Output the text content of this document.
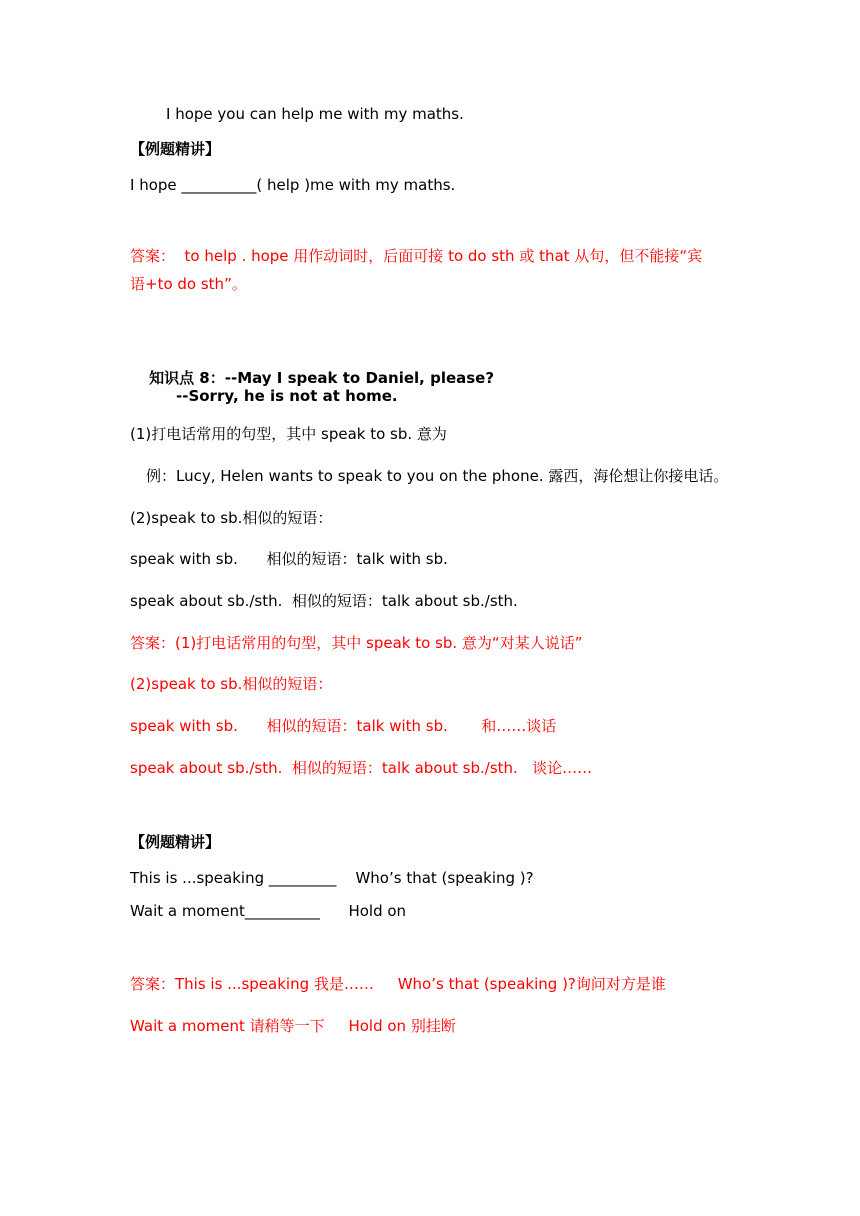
I hope you can help me with my maths.
【例题精讲】
I hope __________( help )me with my maths.
答案：  to help . hope 用作动词时，后面可接 to do sth 或 that 从句，但不能接“宾
语+to do sth”。

知识点 8：--May I speak to Daniel, please?

--Sorry, he is not at home.
(1)打电话常用的句型，其中 speak to sb. 意为
例：Lucy, Helen wants to speak to you on the phone. 露西，海伦想让你接电话。
(2)speak to sb.相似的短语：
speak with sb.      相似的短语：talk with sb.
speak about sb./sth.  相似的短语：talk about sb./sth.
答案：(1)打电话常用的句型，其中 speak to sb. 意为“对某人说话”
(2)speak to sb.相似的短语：
speak with sb.      相似的短语：talk with sb.       和……谈话
speak about sb./sth.  相似的短语：talk about sb./sth.   谈论……
【例题精讲】
This is ...speaking _________    Who’s that (speaking )?
Wait a moment__________      Hold on
答案：This is ...speaking 我是……     Who’s that (speaking )?询问对方是谁
Wait a moment 请稍等一下     Hold on 别挂断
